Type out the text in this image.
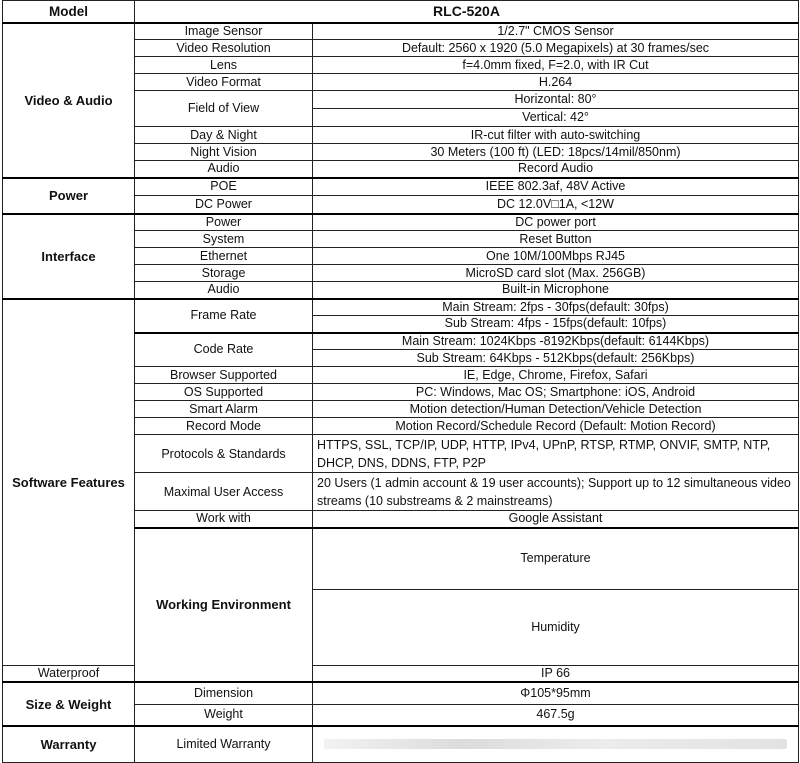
Model	RLC-520A		
Video & Audio	Image Sensor	1/2.7" CMOS Sensor	
	Video Resolution	Default: 2560 x 1920 (5.0 Megapixels) at 30 frames/sec	
	Lens	f=4.0mm fixed, F=2.0, with IR Cut	
	Video Format	H.264	
	Field of View	Horizontal: 80°	
		Vertical: 42°	
	Day & Night	IR-cut filter with auto-switching	
	Night Vision	30 Meters (100 ft) (LED: 18pcs/14mil/850nm)	
	Audio	Record Audio	
Power	POE	IEEE 802.3af, 48V Active	
	DC Power	DC 12.0V□1A, <12W	
Interface	Power	DC power port	
	System	Reset Button	
	Ethernet	One 10M/100Mbps RJ45	
	Storage	MicroSD card slot (Max. 256GB)	
	Audio	Built-in Microphone	
Software Features	Frame Rate	Main Stream: 2fps - 30fps(default: 30fps)	
		Sub Stream: 4fps - 15fps(default: 10fps)	
	Code Rate	Main Stream: 1024Kbps -8192Kbps(default: 6144Kbps)	
		Sub Stream: 64Kbps - 512Kbps(default: 256Kbps)	
	Browser Supported	IE, Edge, Chrome, Firefox, Safari	
	OS Supported	PC: Windows, Mac OS; Smartphone: iOS, Android	
	Smart Alarm	Motion detection/Human Detection/Vehicle Detection	
	Record Mode	Motion Record/Schedule Record (Default: Motion Record)	
	Protocols & Standards	HTTPS, SSL, TCP/IP, UDP, HTTP, IPv4, UPnP, RTSP, RTMP, ONVIF, SMTP, NTP, DHCP, DNS, DDNS, FTP, P2P	
	Maximal User Access	20 Users (1 admin account & 19 user accounts); Support up to 12 simultaneous video streams (10 substreams & 2 mainstreams)	
	Work with	Google Assistant	
	Working Environment	Temperature	
		Humidity	
Waterproof		IP 66	
Size & Weight	Dimension	Φ105*95mm	
	Weight	467.5g	
Warranty	Limited Warranty		
